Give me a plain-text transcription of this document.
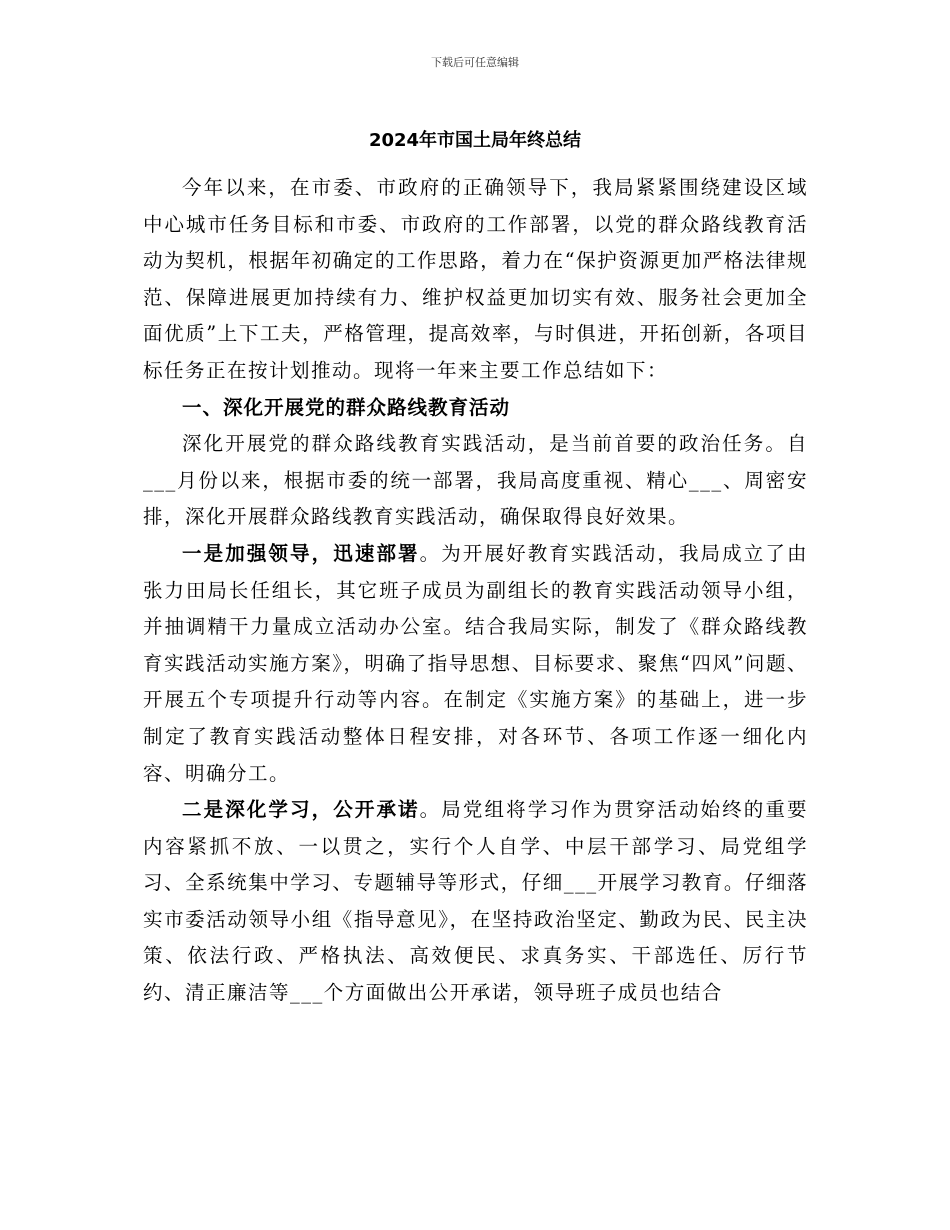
下载后可任意编辑
2024年市国土局年终总结

今年以来，在市委、市政府的正确领导下，我局紧紧围绕建设区域中心城市任务目标和市委、市政府的工作部署，以党的群众路线教育活动为契机，根据年初确定的工作思路，着力在“保护资源更加严格法律规范、保障进展更加持续有力、维护权益更加切实有效、服务社会更加全面优质”上下工夫，严格管理，提高效率，与时俱进，开拓创新，各项目标任务正在按计划推动。现将一年来主要工作总结如下：

一、深化开展党的群众路线教育活动

深化开展党的群众路线教育实践活动，是当前首要的政治任务。自___月份以来，根据市委的统一部署，我局高度重视、精心___、周密安排，深化开展群众路线教育实践活动，确保取得良好效果。

一是加强领导，迅速部署。为开展好教育实践活动，我局成立了由张力田局长任组长，其它班子成员为副组长的教育实践活动领导小组，并抽调精干力量成立活动办公室。结合我局实际，制发了《群众路线教育实践活动实施方案》，明确了指导思想、目标要求、聚焦“四风”问题、开展五个专项提升行动等内容。在制定《实施方案》的基础上，进一步制定了教育实践活动整体日程安排，对各环节、各项工作逐一细化内容、明确分工。

二是深化学习，公开承诺。局党组将学习作为贯穿活动始终的重要内容紧抓不放、一以贯之，实行个人自学、中层干部学习、局党组学习、全系统集中学习、专题辅导等形式，仔细___开展学习教育。仔细落实市委活动领导小组《指导意见》，在坚持政治坚定、勤政为民、民主决策、依法行政、严格执法、高效便民、求真务实、干部选任、厉行节约、清正廉洁等___个方面做出公开承诺，领导班子成员也结合
